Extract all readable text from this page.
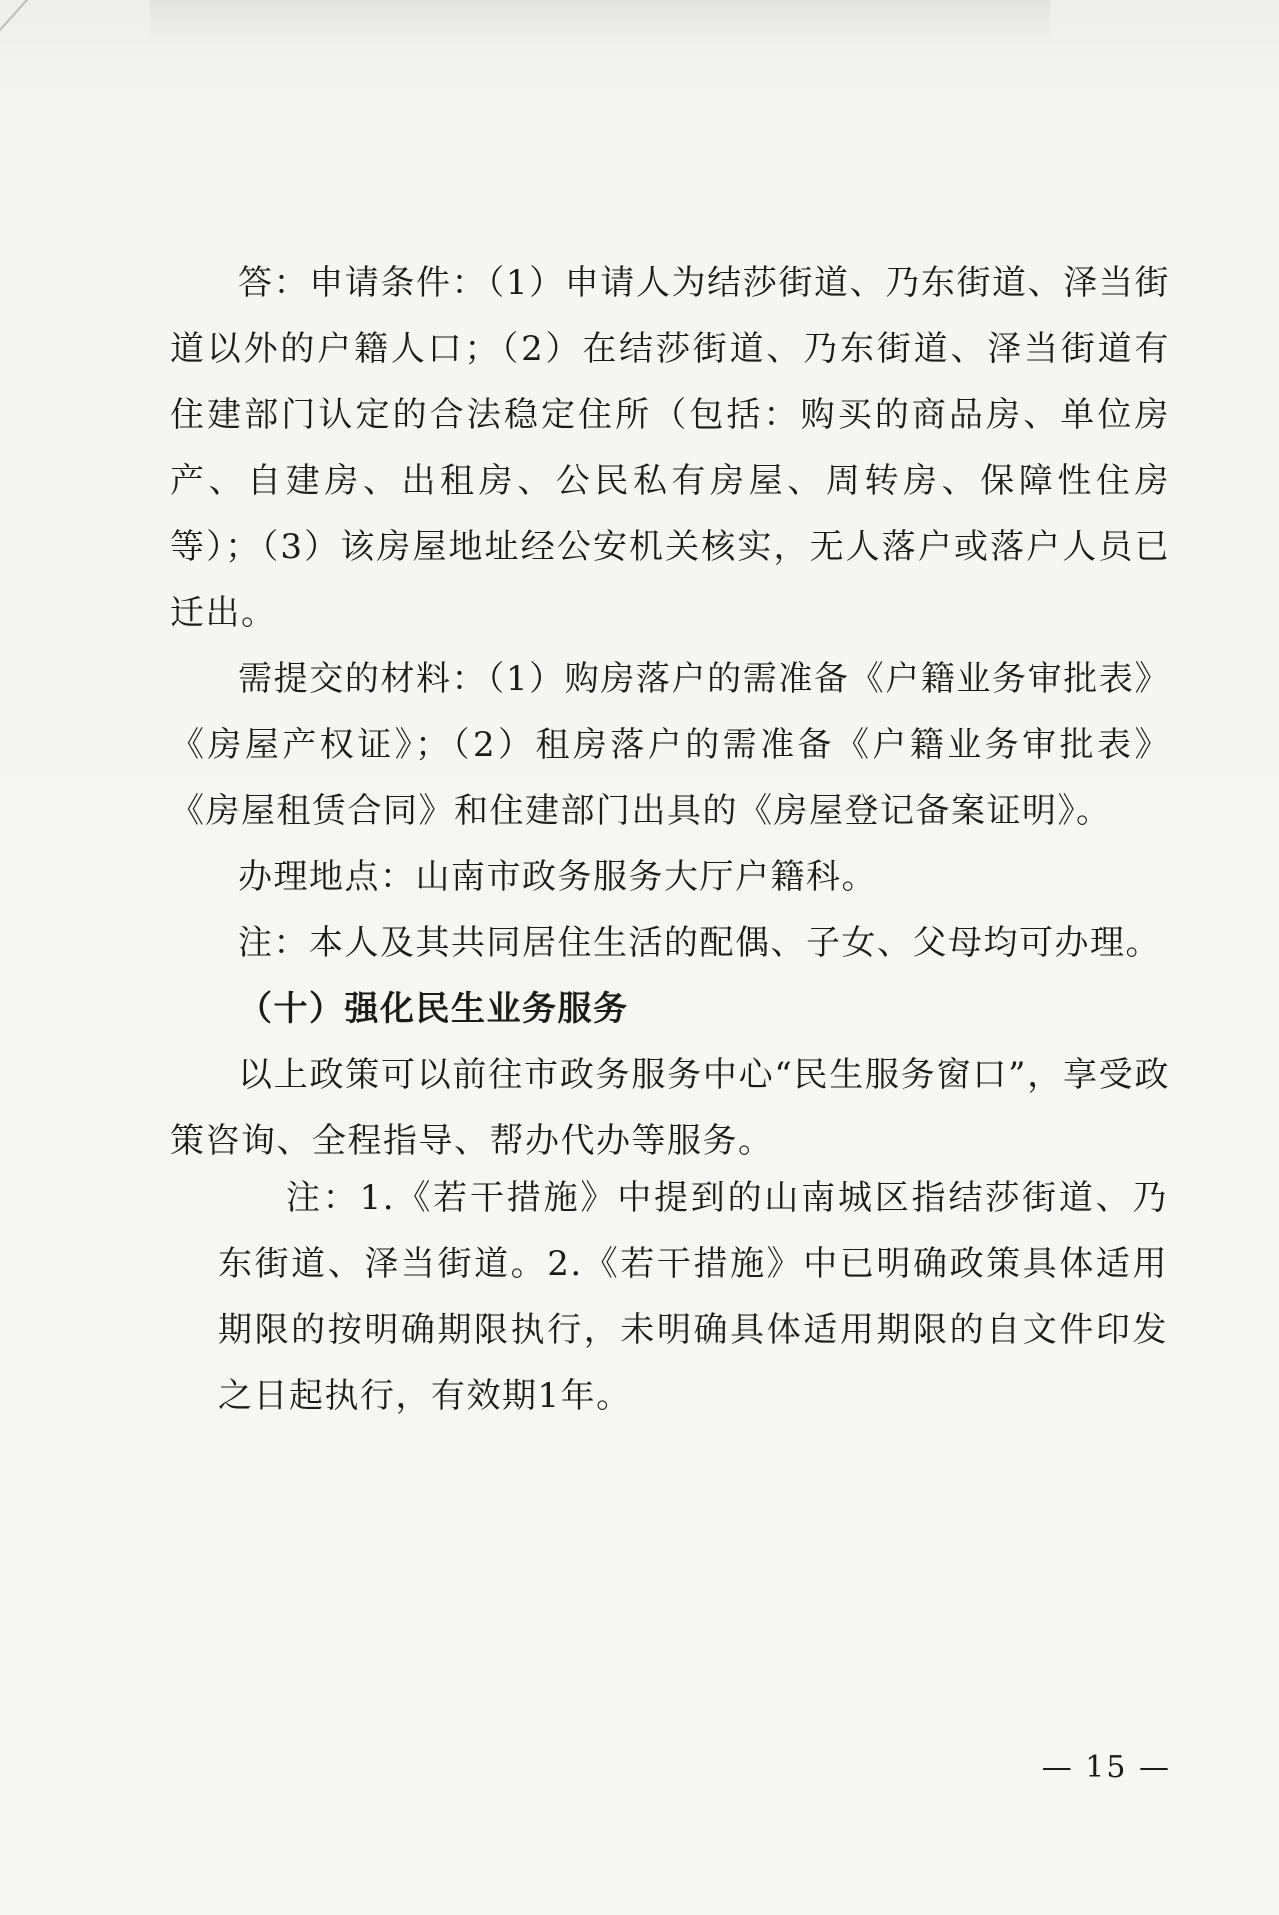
答：申请条件：（1）申请人为结莎街道、乃东街道、泽当街道以外的户籍人口；（2）在结莎街道、乃东街道、泽当街道有住建部门认定的合法稳定住所（包括：购买的商品房、单位房产、自建房、出租房、公民私有房屋、周转房、保障性住房等）；（3）该房屋地址经公安机关核实，无人落户或落户人员已迁出。

需提交的材料：（1）购房落户的需准备《户籍业务审批表》《房屋产权证》；（2）租房落户的需准备《户籍业务审批表》《房屋租赁合同》和住建部门出具的《房屋登记备案证明》。

办理地点：山南市政务服务大厅户籍科。

注：本人及其共同居住生活的配偶、子女、父母均可办理。

（十）强化民生业务服务

以上政策可以前往市政务服务中心“民生服务窗口”，享受政策咨询、全程指导、帮办代办等服务。

注：1.《若干措施》中提到的山南城区指结莎街道、乃东街道、泽当街道。2.《若干措施》中已明确政策具体适用期限的按明确期限执行，未明确具体适用期限的自文件印发之日起执行，有效期1年。

— 15 —
